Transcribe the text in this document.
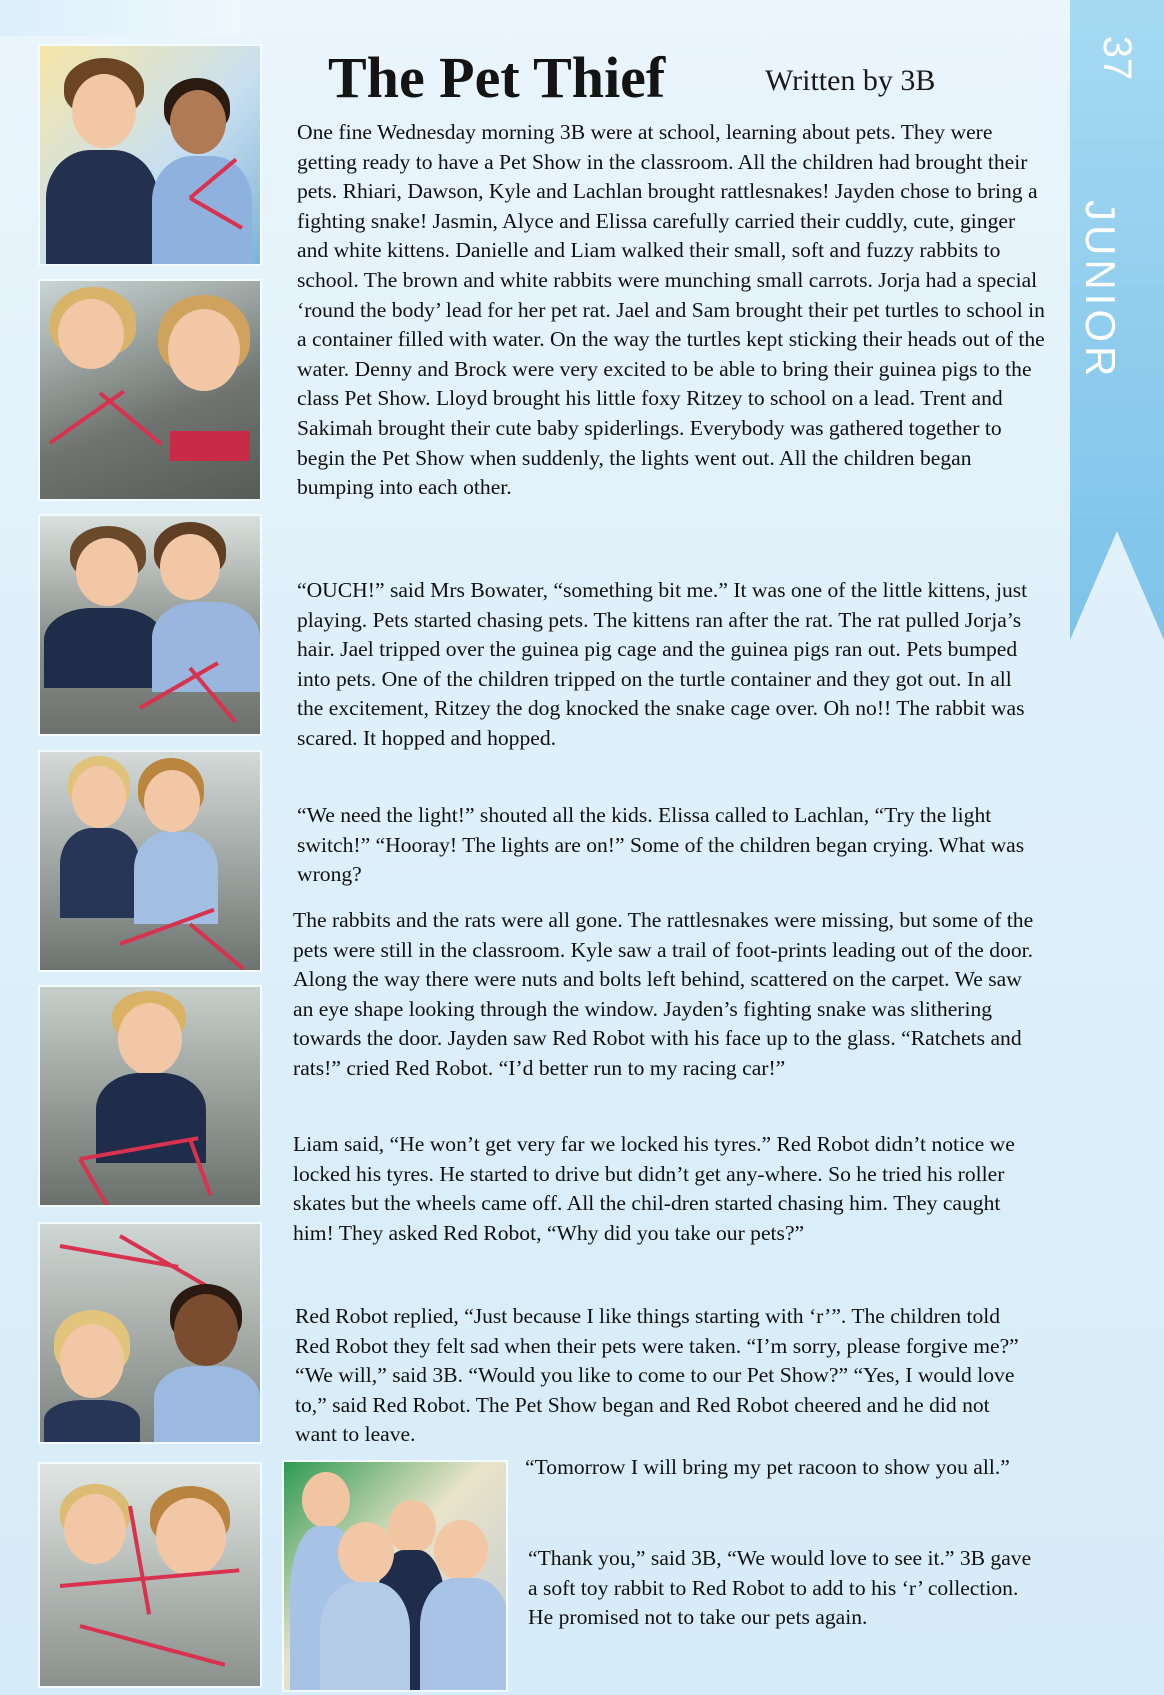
37
JUNIOR
The Pet Thief	Written by 3B

One fine Wednesday morning 3B were at school, learning about pets. They were getting ready to have a Pet Show in the classroom. All the children had brought their pets. Rhiari, Dawson, Kyle and Lachlan brought rattlesnakes! Jayden chose to bring a fighting snake! Jasmin, Alyce and Elissa carefully carried their cuddly, cute, ginger and white kittens. Danielle and Liam walked their small, soft and fuzzy rabbits to school. The brown and white rabbits were munching small carrots. Jorja had a special ‘round the body’ lead for her pet rat. Jael and Sam brought their pet turtles to school in a container filled with water. On the way the turtles kept sticking their heads out of the water. Denny and Brock were very excited to be able to bring their guinea pigs to the class Pet Show. Lloyd brought his little foxy Ritzey to school on a lead. Trent and Sakimah brought their cute baby spiderlings. Everybody was gathered together to begin the Pet Show when suddenly, the lights went out. All the children began bumping into each other.

“OUCH!” said Mrs Bowater, “something bit me.” It was one of the little kittens, just playing. Pets started chasing pets. The kittens ran after the rat. The rat pulled Jorja’s hair. Jael tripped over the guinea pig cage and the guinea pigs ran out. Pets bumped into pets. One of the children tripped on the turtle container and they got out. In all the excitement, Ritzey the dog knocked the snake cage over. Oh no!! The rabbit was scared. It hopped and hopped.

“We need the light!” shouted all the kids. Elissa called to Lachlan, “Try the light switch!” “Hooray! The lights are on!” Some of the children began crying. What was wrong?

The rabbits and the rats were all gone. The rattlesnakes were missing, but some of the pets were still in the classroom. Kyle saw a trail of foot-prints leading out of the door. Along the way there were nuts and bolts left behind, scattered on the carpet. We saw an eye shape looking through the window. Jayden’s fighting snake was slithering towards the door. Jayden saw Red Robot with his face up to the glass. “Ratchets and rats!” cried Red Robot. “I’d better run to my racing car!”

Liam said, “He won’t get very far we locked his tyres.” Red Robot didn’t notice we locked his tyres. He started to drive but didn’t get any-where. So he tried his roller skates but the wheels came off. All the chil-dren started chasing him. They caught him! They asked Red Robot, “Why did you take our pets?”

Red Robot replied, “Just because I like things starting with ‘r’”. The children told Red Robot they felt sad when their pets were taken. “I’m sorry, please forgive me?” “We will,” said 3B. “Would you like to come to our Pet Show?” “Yes, I would love to,” said Red Robot. The Pet Show began and Red Robot cheered and he did not want to leave.

“Tomorrow I will bring my pet racoon to show you all.”

“Thank you,” said 3B, “We would love to see it.” 3B gave a soft toy rabbit to Red Robot to add to his ‘r’ collection. He promised not to take our pets again.
